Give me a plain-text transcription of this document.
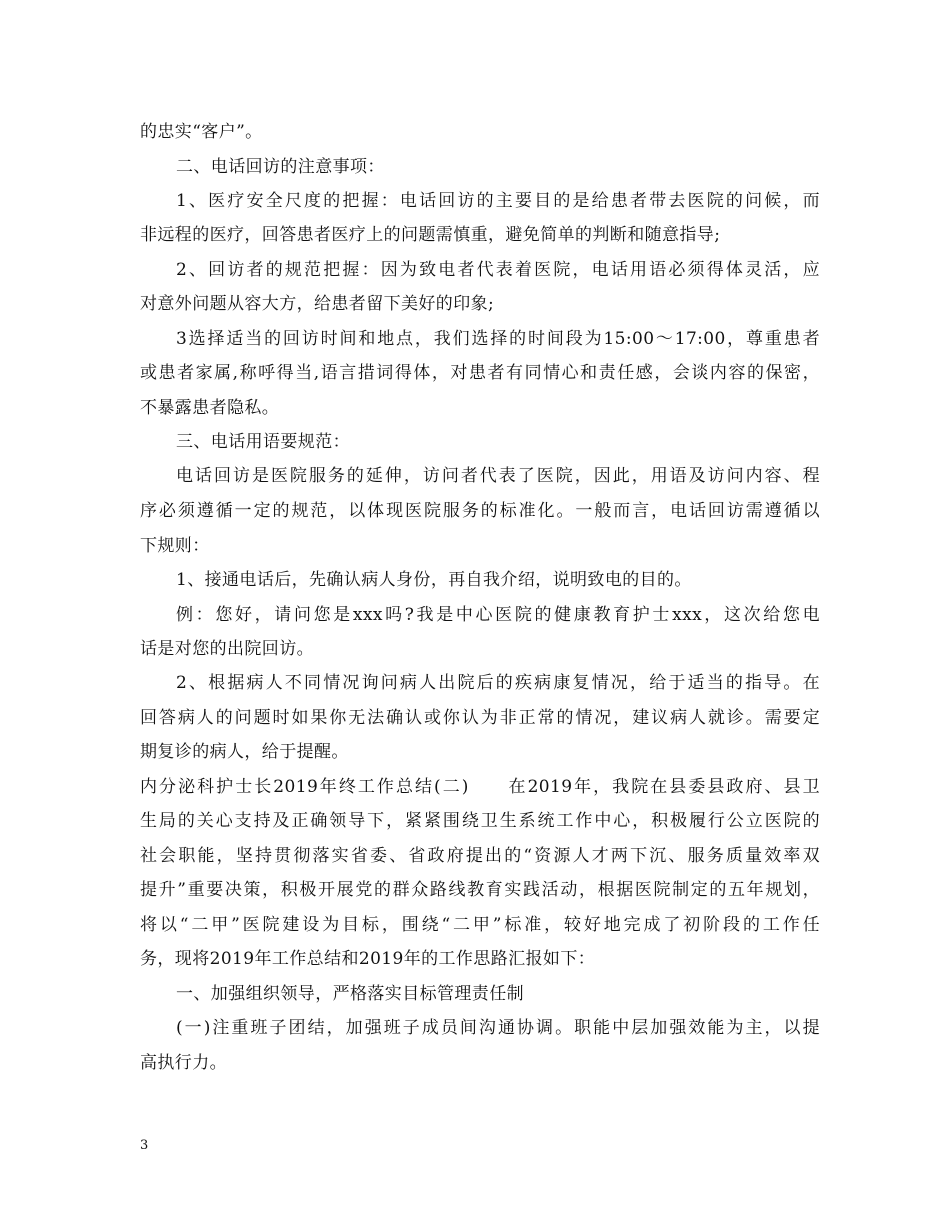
的忠实“客户”。
二、电话回访的注意事项：
1、医疗安全尺度的把握：电话回访的主要目的是给患者带去医院的问候，而
非远程的医疗，回答患者医疗上的问题需慎重，避免简单的判断和随意指导;
2、回访者的规范把握：因为致电者代表着医院，电话用语必须得体灵活，应
对意外问题从容大方，给患者留下美好的印象;
3选择适当的回访时间和地点，我们选择的时间段为15:00～17:00，尊重患者
或患者家属,称呼得当,语言措词得体，对患者有同情心和责任感，会谈内容的保密，
不暴露患者隐私。
三、电话用语要规范：
电话回访是医院服务的延伸，访问者代表了医院，因此，用语及访问内容、程
序必须遵循一定的规范，以体现医院服务的标准化。一般而言，电话回访需遵循以
下规则：
1、接通电话后，先确认病人身份，再自我介绍，说明致电的目的。
例：您好，请问您是xxx吗?我是中心医院的健康教育护士xxx，这次给您电
话是对您的出院回访。
2、根据病人不同情况询问病人出院后的疾病康复情况，给于适当的指导。在
回答病人的问题时如果你无法确认或你认为非正常的情况，建议病人就诊。需要定
期复诊的病人，给于提醒。
内分泌科护士长2019年终工作总结(二)　　在2019年，我院在县委县政府、县卫
生局的关心支持及正确领导下，紧紧围绕卫生系统工作中心，积极履行公立医院的
社会职能，坚持贯彻落实省委、省政府提出的“资源人才两下沉、服务质量效率双
提升”重要决策，积极开展党的群众路线教育实践活动，根据医院制定的五年规划，
将以“二甲”医院建设为目标，围绕“二甲”标准，较好地完成了初阶段的工作任
务，现将2019年工作总结和2019年的工作思路汇报如下：
一、加强组织领导，严格落实目标管理责任制
(一)注重班子团结，加强班子成员间沟通协调。职能中层加强效能为主，以提
高执行力。
3
